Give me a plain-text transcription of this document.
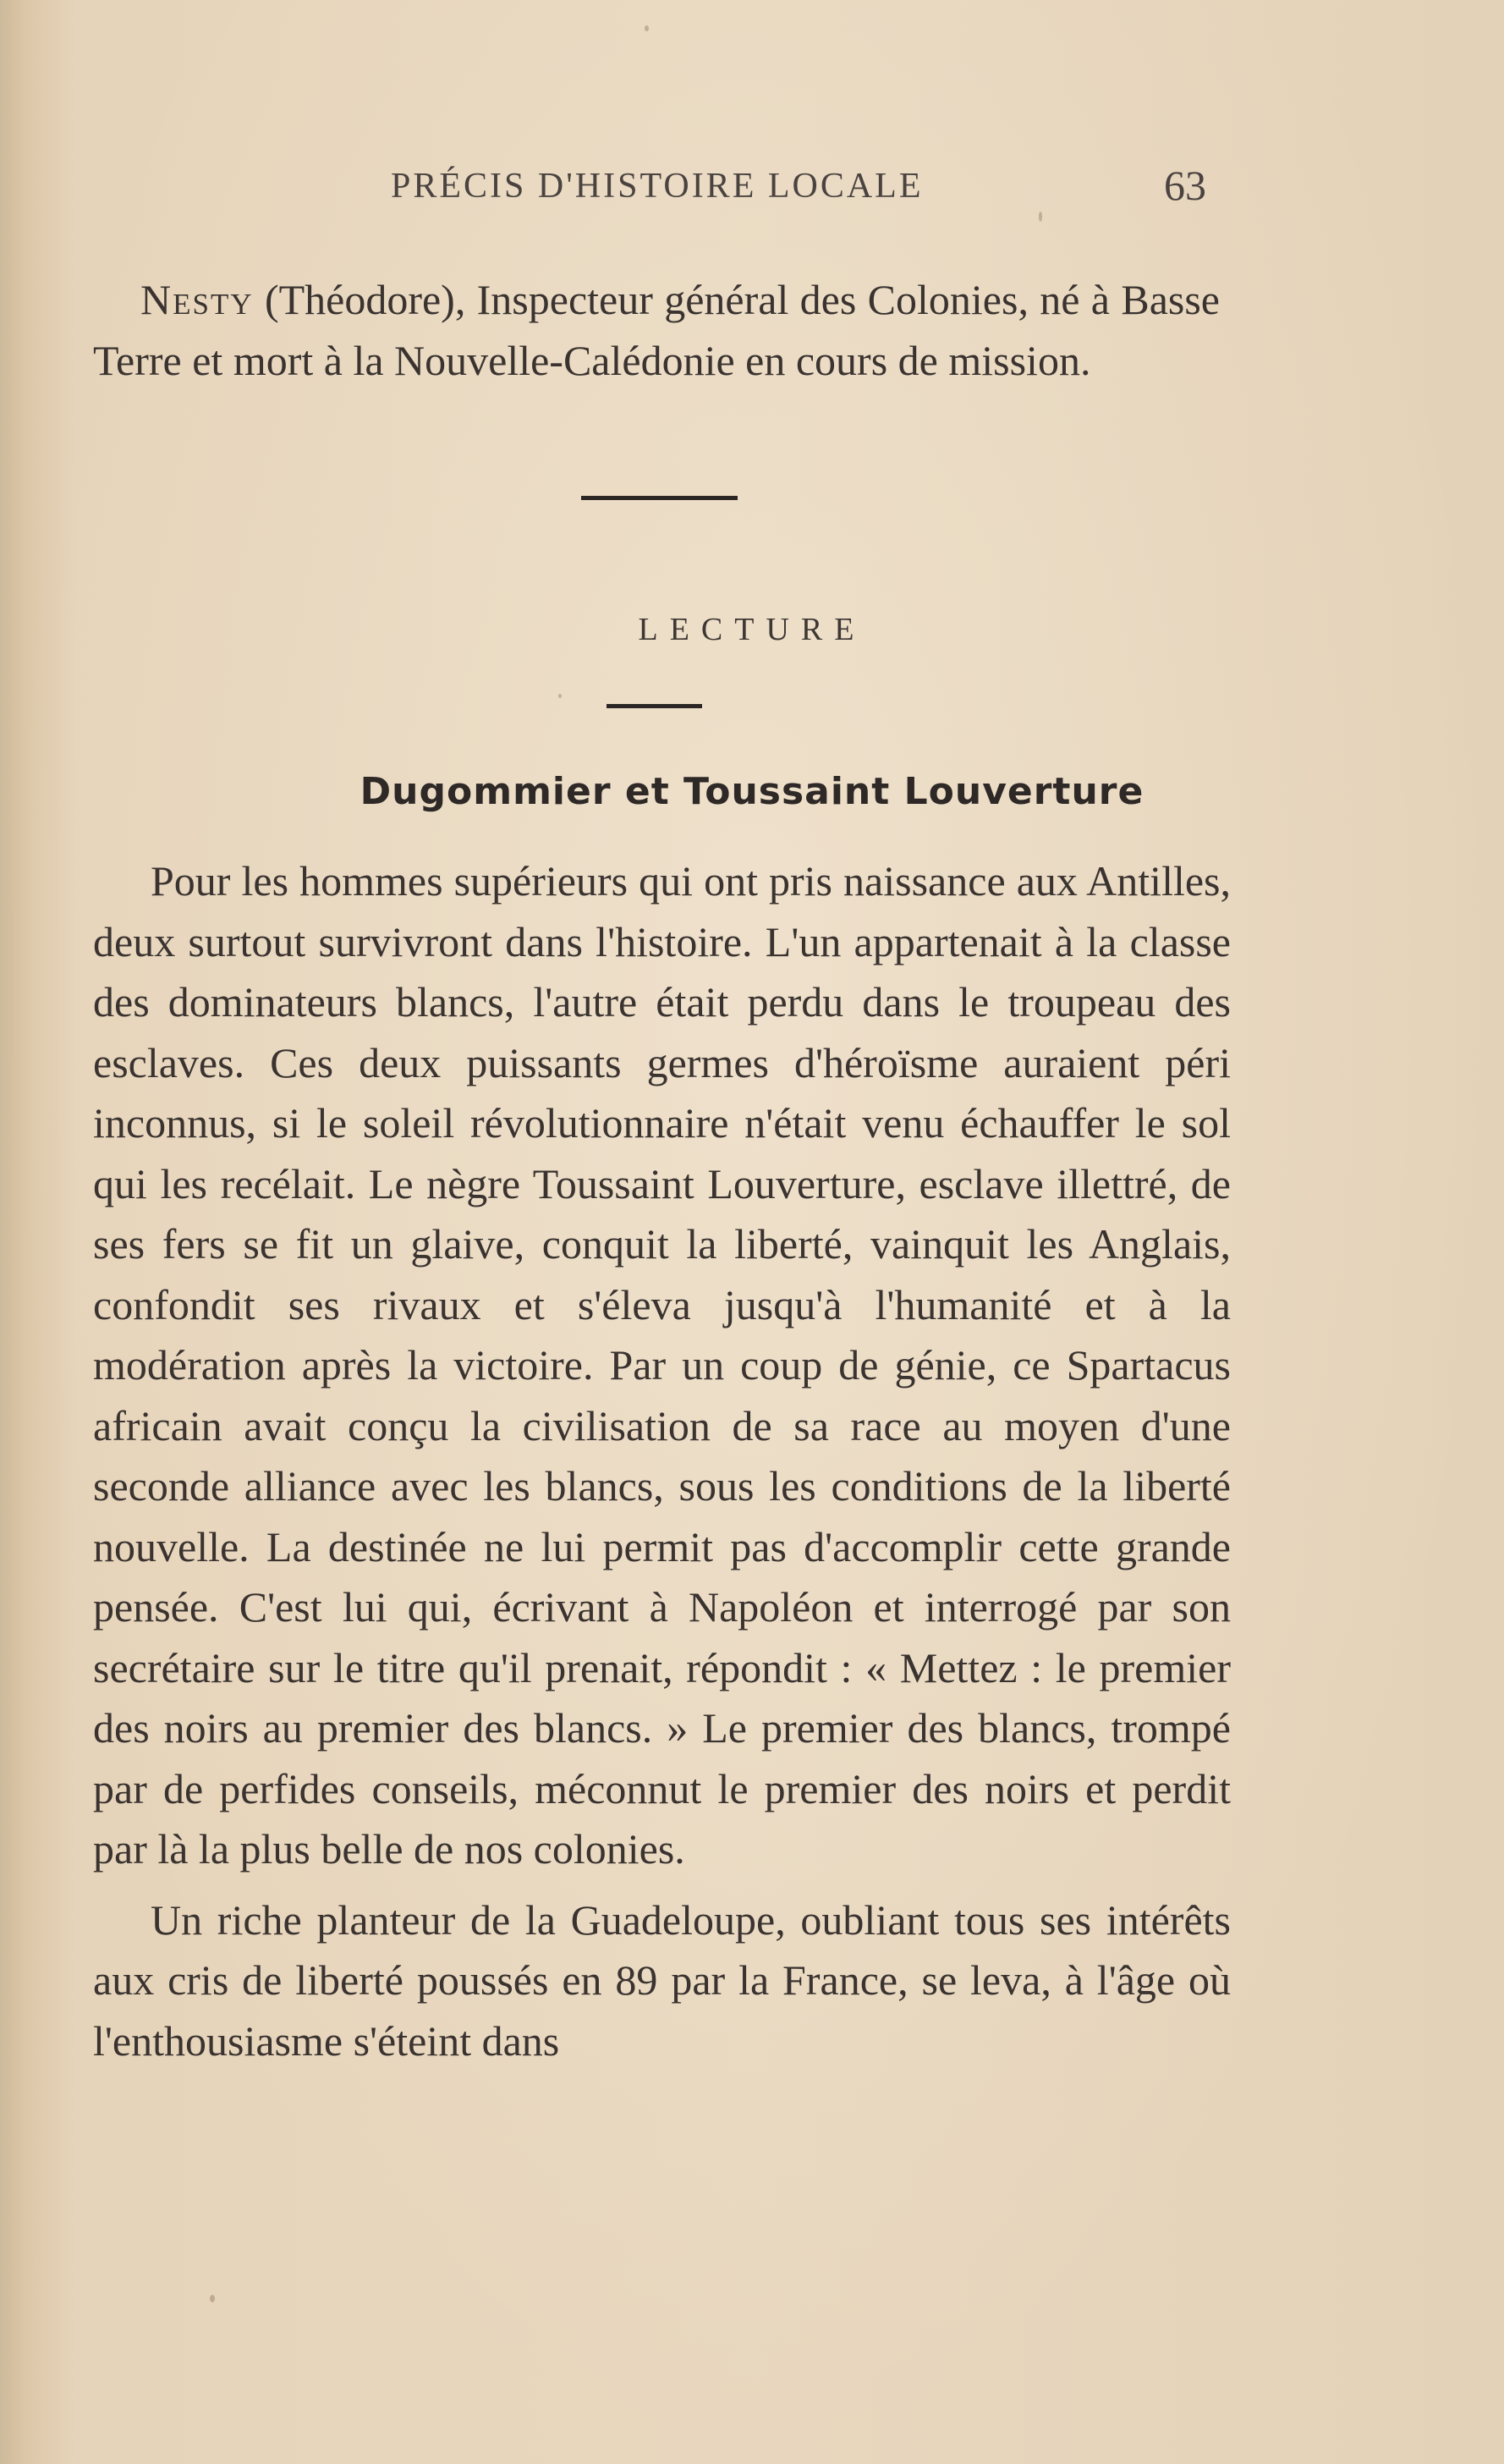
PRÉCIS D'HISTOIRE LOCALE	63

Nesty (Théodore), Inspecteur général des Colonies, né à Basse Terre et mort à la Nouvelle-Calédonie en cours de mission.

LECTURE
Dugommier et Toussaint Louverture

Pour les hommes supérieurs qui ont pris naissance aux Antilles, deux surtout survivront dans l'histoire. L'un appartenait à la classe des dominateurs blancs, l'autre était perdu dans le troupeau des esclaves. Ces deux puissants germes d'héroïsme auraient péri inconnus, si le soleil révolutionnaire n'était venu échauffer le sol qui les recélait. Le nègre Toussaint Louverture, esclave illettré, de ses fers se fit un glaive, conquit la liberté, vainquit les Anglais, confondit ses rivaux et s'éleva jusqu'à l'humanité et à la modération après la victoire. Par un coup de génie, ce Spartacus africain avait conçu la civilisation de sa race au moyen d'une seconde alliance avec les blancs, sous les conditions de la liberté nouvelle. La destinée ne lui permit pas d'accomplir cette grande pensée. C'est lui qui, écrivant à Napoléon et interrogé par son secrétaire sur le titre qu'il prenait, répondit : « Mettez : le premier des noirs au premier des blancs. » Le premier des blancs, trompé par de perfides conseils, méconnut le premier des noirs et perdit par là la plus belle de nos colonies.

Un riche planteur de la Guadeloupe, oubliant tous ses intérêts aux cris de liberté poussés en 89 par la France, se leva, à l'âge où l'enthousiasme s'éteint dans
